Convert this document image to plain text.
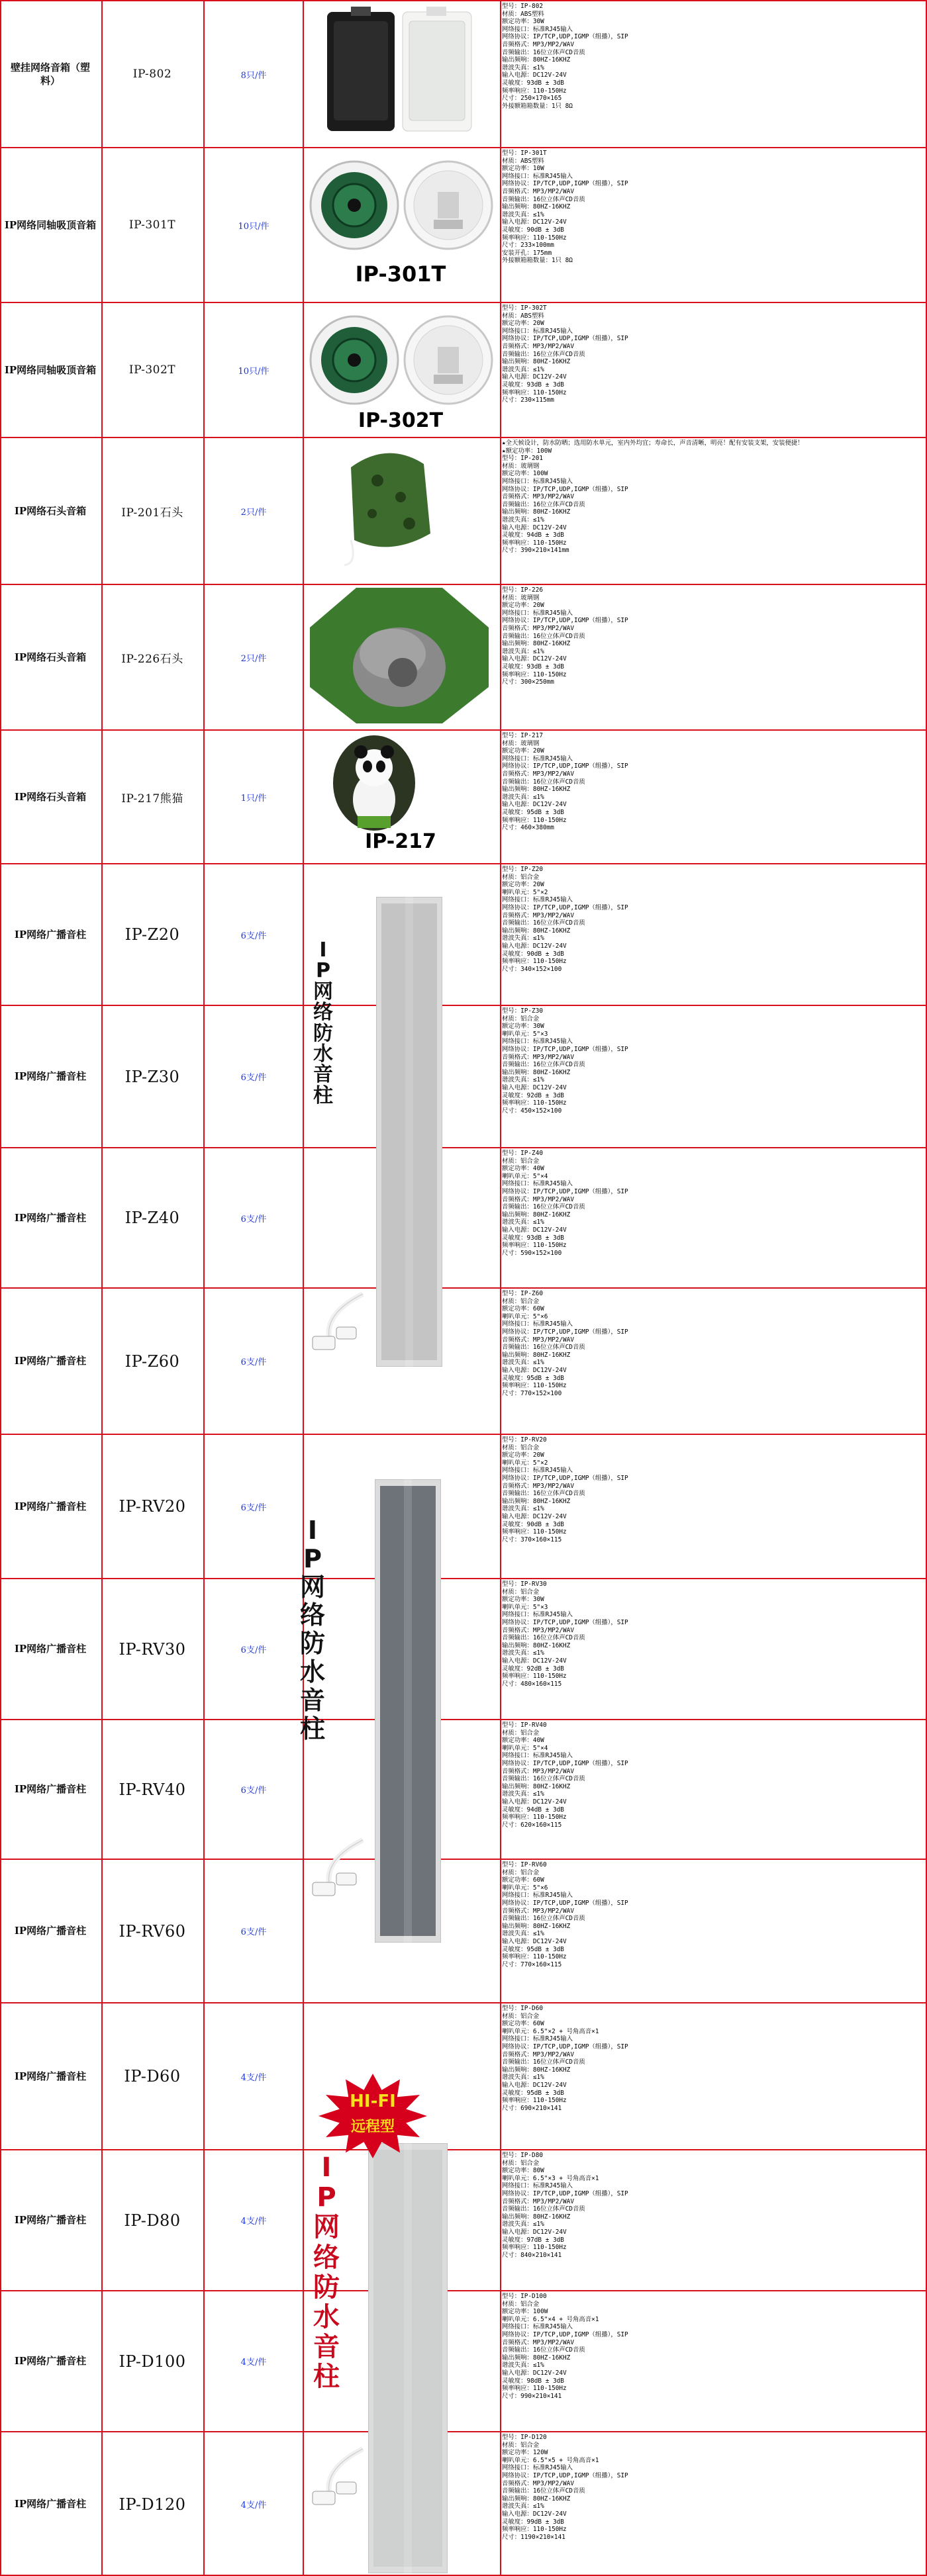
壁挂网络音箱（塑料）	IP-802	8只/件
型号：IP-802
材质：ABS塑料
额定功率：30W
网络接口：标准RJ45输入
网络协议：IP/TCP,UDP,IGMP（组播），SIP
音频格式：MP3/MP2/WAV
音频输出：16位立体声CD音质
输出频响：80HZ-16KHZ
谐波失真：≤1%
输入电源：DC12V-24V
灵敏度：93dB ± 3dB
频率响应：110-150Hz
尺寸：250×170×165
外接额箱箱数量：1只 8Ω
IP网络同轴吸顶音箱	IP-301T	10只/件
型号：IP-301T
材质：ABS塑料
额定功率：10W
网络接口：标准RJ45输入
网络协议：IP/TCP,UDP,IGMP（组播），SIP
音频格式：MP3/MP2/WAV
音频输出：16位立体声CD音质
输出频响：80HZ-16KHZ
谐波失真：≤1%
输入电源：DC12V-24V
灵敏度：90dB ± 3dB
频率响应：110-150Hz
尺寸：233×100mm
安装开孔：175mm
外接额箱箱数量：1只 8Ω
IP网络同轴吸顶音箱	IP-302T	10只/件
型号：IP-302T
材质：ABS塑料
额定功率：20W
网络接口：标准RJ45输入
网络协议：IP/TCP,UDP,IGMP（组播），SIP
音频格式：MP3/MP2/WAV
音频输出：16位立体声CD音质
输出频响：80HZ-16KHZ
谐波失真：≤1%
输入电源：DC12V-24V
灵敏度：93dB ± 3dB
频率响应：110-150Hz
尺寸：230×115mm
IP网络石头音箱	IP-201石头	2只/件
★全天候设计，防水防晒；选用防水单元，室内外均宜；寿命长，声音清晰，明亮！配有安装支架，安装便捷！
★额定功率：100W
型号：IP-201
材质：玻璃钢
额定功率：100W
网络接口：标准RJ45输入
网络协议：IP/TCP,UDP,IGMP（组播），SIP
音频格式：MP3/MP2/WAV
音频输出：16位立体声CD音质
输出频响：80HZ-16KHZ
谐波失真：≤1%
输入电源：DC12V-24V
灵敏度：94dB ± 3dB
频率响应：110-150Hz
尺寸：390×210×141mm
IP网络石头音箱	IP-226石头	2只/件
型号：IP-226
材质：玻璃钢
额定功率：20W
网络接口：标准RJ45输入
网络协议：IP/TCP,UDP,IGMP（组播），SIP
音频格式：MP3/MP2/WAV
音频输出：16位立体声CD音质
输出频响：80HZ-16KHZ
谐波失真：≤1%
输入电源：DC12V-24V
灵敏度：93dB ± 3dB
频率响应：110-150Hz
尺寸：300×250mm
IP网络石头音箱	IP-217熊猫	1只/件
型号：IP-217
材质：玻璃钢
额定功率：20W
网络接口：标准RJ45输入
网络协议：IP/TCP,UDP,IGMP（组播），SIP
音频格式：MP3/MP2/WAV
音频输出：16位立体声CD音质
输出频响：80HZ-16KHZ
谐波失真：≤1%
输入电源：DC12V-24V
灵敏度：95dB ± 3dB
频率响应：110-150Hz
尺寸：460×380mm
IP网络广播音柱	IP-Z20	6支/件
型号：IP-Z20
材质：铝合金
额定功率：20W
喇叭单元：5"×2
网络接口：标准RJ45输入
网络协议：IP/TCP,UDP,IGMP（组播），SIP
音频格式：MP3/MP2/WAV
音频输出：16位立体声CD音质
输出频响：80HZ-16KHZ
谐波失真：≤1%
输入电源：DC12V-24V
灵敏度：90dB ± 3dB
频率响应：110-150Hz
尺寸：340×152×100
IP网络广播音柱	IP-Z30	6支/件
型号：IP-Z30
材质：铝合金
额定功率：30W
喇叭单元：5"×3
网络接口：标准RJ45输入
网络协议：IP/TCP,UDP,IGMP（组播），SIP
音频格式：MP3/MP2/WAV
音频输出：16位立体声CD音质
输出频响：80HZ-16KHZ
谐波失真：≤1%
输入电源：DC12V-24V
灵敏度：92dB ± 3dB
频率响应：110-150Hz
尺寸：450×152×100
IP网络广播音柱	IP-Z40	6支/件
型号：IP-Z40
材质：铝合金
额定功率：40W
喇叭单元：5"×4
网络接口：标准RJ45输入
网络协议：IP/TCP,UDP,IGMP（组播），SIP
音频格式：MP3/MP2/WAV
音频输出：16位立体声CD音质
输出频响：80HZ-16KHZ
谐波失真：≤1%
输入电源：DC12V-24V
灵敏度：93dB ± 3dB
频率响应：110-150Hz
尺寸：590×152×100
IP网络广播音柱	IP-Z60	6支/件
型号：IP-Z60
材质：铝合金
额定功率：60W
喇叭单元：5"×6
网络接口：标准RJ45输入
网络协议：IP/TCP,UDP,IGMP（组播），SIP
音频格式：MP3/MP2/WAV
音频输出：16位立体声CD音质
输出频响：80HZ-16KHZ
谐波失真：≤1%
输入电源：DC12V-24V
灵敏度：95dB ± 3dB
频率响应：110-150Hz
尺寸：770×152×100
IP网络广播音柱	IP-RV20	6支/件
型号：IP-RV20
材质：铝合金
额定功率：20W
喇叭单元：5"×2
网络接口：标准RJ45输入
网络协议：IP/TCP,UDP,IGMP（组播），SIP
音频格式：MP3/MP2/WAV
音频输出：16位立体声CD音质
输出频响：80HZ-16KHZ
谐波失真：≤1%
输入电源：DC12V-24V
灵敏度：90dB ± 3dB
频率响应：110-150Hz
尺寸：370×160×115
IP网络广播音柱	IP-RV30	6支/件
型号：IP-RV30
材质：铝合金
额定功率：30W
喇叭单元：5"×3
网络接口：标准RJ45输入
网络协议：IP/TCP,UDP,IGMP（组播），SIP
音频格式：MP3/MP2/WAV
音频输出：16位立体声CD音质
输出频响：80HZ-16KHZ
谐波失真：≤1%
输入电源：DC12V-24V
灵敏度：92dB ± 3dB
频率响应：110-150Hz
尺寸：480×160×115
IP网络广播音柱	IP-RV40	6支/件
型号：IP-RV40
材质：铝合金
额定功率：40W
喇叭单元：5"×4
网络接口：标准RJ45输入
网络协议：IP/TCP,UDP,IGMP（组播），SIP
音频格式：MP3/MP2/WAV
音频输出：16位立体声CD音质
输出频响：80HZ-16KHZ
谐波失真：≤1%
输入电源：DC12V-24V
灵敏度：94dB ± 3dB
频率响应：110-150Hz
尺寸：620×160×115
IP网络广播音柱	IP-RV60	6支/件
型号：IP-RV60
材质：铝合金
额定功率：60W
喇叭单元：5"×6
网络接口：标准RJ45输入
网络协议：IP/TCP,UDP,IGMP（组播），SIP
音频格式：MP3/MP2/WAV
音频输出：16位立体声CD音质
输出频响：80HZ-16KHZ
谐波失真：≤1%
输入电源：DC12V-24V
灵敏度：95dB ± 3dB
频率响应：110-150Hz
尺寸：770×160×115
IP网络广播音柱	IP-D60	4支/件
型号：IP-D60
材质：铝合金
额定功率：60W
喇叭单元：6.5"×2 + 号角高音×1
网络接口：标准RJ45输入
网络协议：IP/TCP,UDP,IGMP（组播），SIP
音频格式：MP3/MP2/WAV
音频输出：16位立体声CD音质
输出频响：80HZ-16KHZ
谐波失真：≤1%
输入电源：DC12V-24V
灵敏度：95dB ± 3dB
频率响应：110-150Hz
尺寸：690×210×141
IP网络广播音柱	IP-D80	4支/件
型号：IP-D80
材质：铝合金
额定功率：80W
喇叭单元：6.5"×3 + 号角高音×1
网络接口：标准RJ45输入
网络协议：IP/TCP,UDP,IGMP（组播），SIP
音频格式：MP3/MP2/WAV
音频输出：16位立体声CD音质
输出频响：80HZ-16KHZ
谐波失真：≤1%
输入电源：DC12V-24V
灵敏度：97dB ± 3dB
频率响应：110-150Hz
尺寸：840×210×141
IP网络广播音柱	IP-D100	4支/件
型号：IP-D100
材质：铝合金
额定功率：100W
喇叭单元：6.5"×4 + 号角高音×1
网络接口：标准RJ45输入
网络协议：IP/TCP,UDP,IGMP（组播），SIP
音频格式：MP3/MP2/WAV
音频输出：16位立体声CD音质
输出频响：80HZ-16KHZ
谐波失真：≤1%
输入电源：DC12V-24V
灵敏度：98dB ± 3dB
频率响应：110-150Hz
尺寸：990×210×141
IP网络广播音柱	IP-D120	4支/件
型号：IP-D120
材质：铝合金
额定功率：120W
喇叭单元：6.5"×5 + 号角高音×1
网络接口：标准RJ45输入
网络协议：IP/TCP,UDP,IGMP（组播），SIP
音频格式：MP3/MP2/WAV
音频输出：16位立体声CD音质
输出频响：80HZ-16KHZ
谐波失真：≤1%
输入电源：DC12V-24V
灵敏度：99dB ± 3dB
频率响应：110-150Hz
尺寸：1190×210×141
I
P
网
络
防
水
音
柱
I
P
网
络
防
水
音
柱
I
P
网
络
防
水
音
柱
HI-FI
远程型
IP-301T
IP-302T
IP-217
